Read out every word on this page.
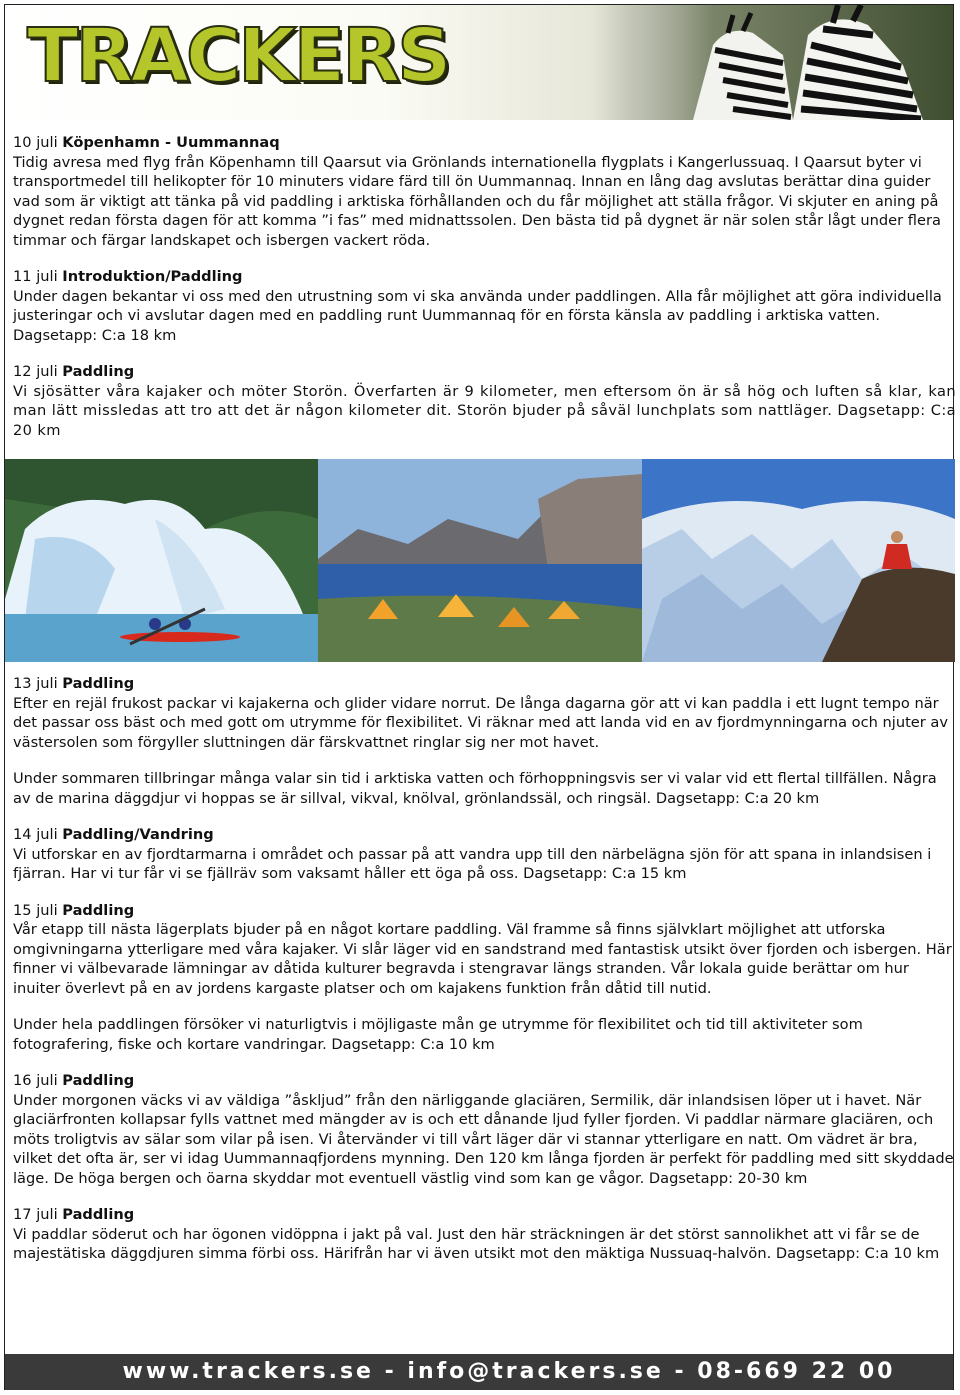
TRACKERS

10 juli Köpenhamn - Uummannaq

Tidig avresa med flyg från Köpenhamn till Qaarsut via Grönlands internationella flygplats i Kangerlussuaq. I Qaarsut byter vi transportmedel till helikopter för 10 minuters vidare färd till ön Uummannaq. Innan en lång dag avslutas berättar dina guider vad som är viktigt att tänka på vid paddling i arktiska förhållanden och du får möjlighet att ställa frågor. Vi skjuter en aning på dygnet redan första dagen för att komma ”i fas” med midnattssolen. Den bästa tid på dygnet är när solen står lågt under flera timmar och färgar landskapet och isbergen vackert röda.

11 juli Introduktion/Paddling

Under dagen bekantar vi oss med den utrustning som vi ska använda under paddlingen. Alla får möjlighet att göra individuella justeringar och vi avslutar dagen med en paddling runt Uummannaq för en första känsla av paddling i arktiska vatten. Dagsetapp: C:a 18 km

12 juli Paddling

Vi sjösätter våra kajaker och möter Storön. Överfarten är 9 kilometer, men eftersom ön är så hög och luften så klar, kan man lätt missledas att tro att det är någon kilometer dit. Storön bjuder på såväl lunchplats som nattläger. Dagsetapp: C:a 20 km

13 juli Paddling

Efter en rejäl frukost packar vi kajakerna och glider vidare norrut. De långa dagarna gör att vi kan paddla i ett lugnt tempo när det passar oss bäst och med gott om utrymme för flexibilitet. Vi räknar med att landa vid en av fjordmynningarna och njuter av västersolen som förgyller sluttningen där färskvattnet ringlar sig ner mot havet.

Under sommaren tillbringar många valar sin tid i arktiska vatten och förhoppningsvis ser vi valar vid ett flertal tillfällen. Några av de marina däggdjur vi hoppas se är sillval, vikval, knölval, grönlandssäl, och ringsäl. Dagsetapp: C:a 20 km

14 juli Paddling/Vandring

Vi utforskar en av fjordtarmarna i området och passar på att vandra upp till den närbelägna sjön för att spana in inlandsisen i fjärran. Har vi tur får vi se fjällräv som vaksamt håller ett öga på oss. Dagsetapp: C:a 15 km

15 juli Paddling

Vår etapp till nästa lägerplats bjuder på en något kortare paddling. Väl framme så finns självklart möjlighet att utforska omgivningarna ytterligare med våra kajaker. Vi slår läger vid en sandstrand med fantastisk utsikt över fjorden och isbergen. Här finner vi välbevarade lämningar av dåtida kulturer begravda i stengravar längs stranden. Vår lokala guide berättar om hur inuiter överlevt på en av jordens kargaste platser och om kajakens funktion från dåtid till nutid.

Under hela paddlingen försöker vi naturligtvis i möjligaste mån ge utrymme för flexibilitet och tid till aktiviteter som fotografering, fiske och kortare vandringar. Dagsetapp: C:a 10 km

16 juli Paddling

Under morgonen väcks vi av väldiga ”åskljud” från den närliggande glaciären, Sermilik, där inlandsisen löper ut i havet. När glaciärfronten kollapsar fylls vattnet med mängder av is och ett dånande ljud fyller fjorden. Vi paddlar närmare glaciären, och möts troligtvis av sälar som vilar på isen. Vi återvänder vi till vårt läger där vi stannar ytterligare en natt. Om vädret är bra, vilket det ofta är, ser vi idag Uummannaqfjordens mynning. Den 120 km långa fjorden är perfekt för paddling med sitt skyddade läge. De höga bergen och öarna skyddar mot eventuell västlig vind som kan ge vågor. Dagsetapp: 20-30 km

17 juli Paddling

Vi paddlar söderut och har ögonen vidöppna i jakt på val. Just den här sträckningen är det störst sannolikhet att vi får se de majestätiska däggdjuren simma förbi oss. Härifrån har vi även utsikt mot den mäktiga Nussuaq-halvön. Dagsetapp: C:a 10 km

www.trackers.se - info@trackers.se - 08-669 22 00
